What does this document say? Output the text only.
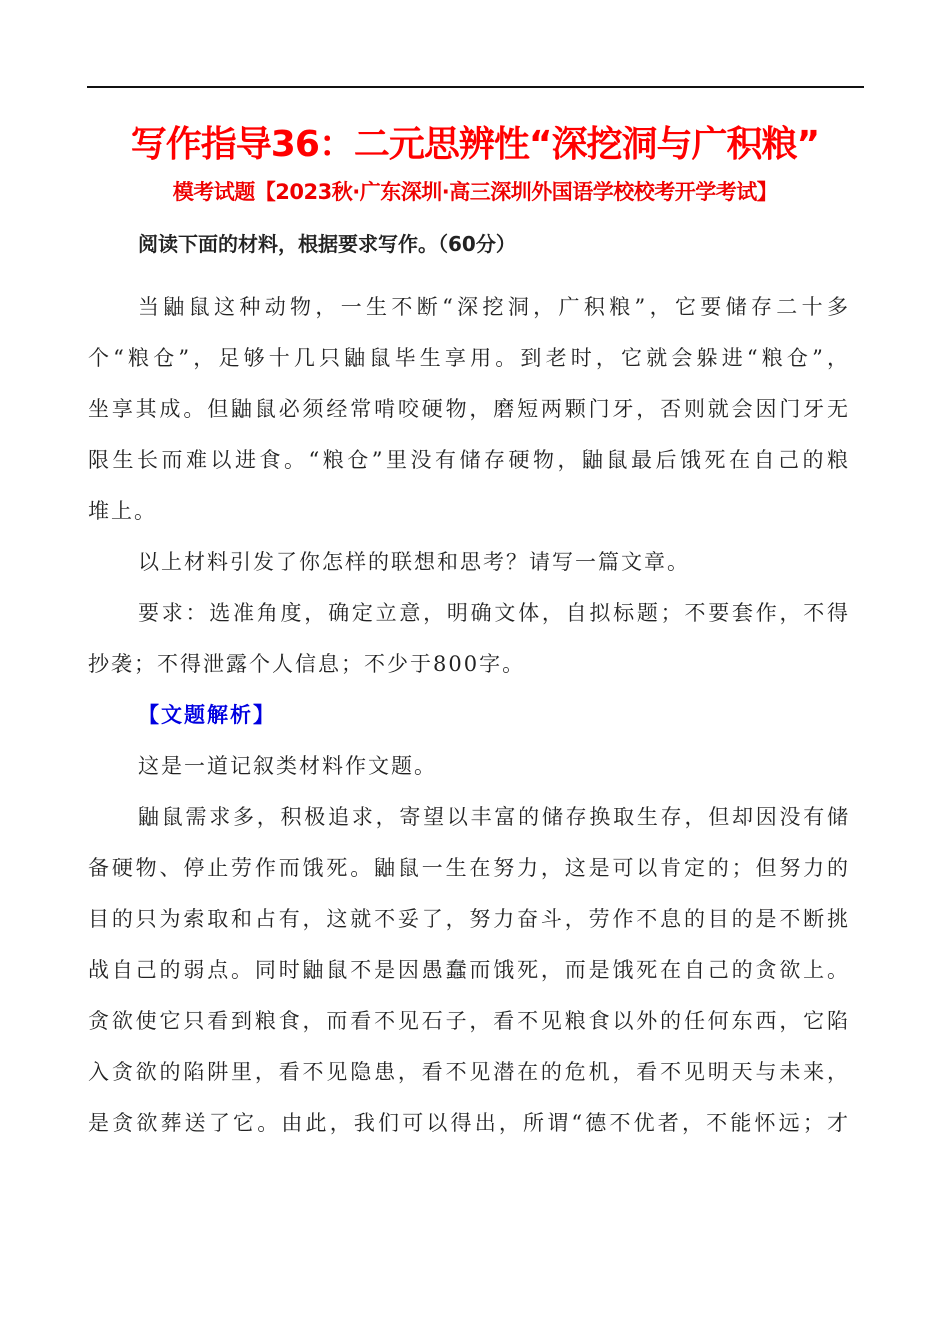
写作指导36：二元思辨性“深挖洞与广积粮”
模考试题【2023秋·广东深圳·高三深圳外国语学校校考开学考试】
阅读下面的材料，根据要求写作。（60分）
当鼬鼠这种动物，一生不断“深挖洞，广积粮”，它要储存二十多
个“粮仓”，足够十几只鼬鼠毕生享用。到老时，它就会躲进“粮仓”，
坐享其成。但鼬鼠必须经常啃咬硬物，磨短两颗门牙，否则就会因门牙无
限生长而难以进食。“粮仓”里没有储存硬物，鼬鼠最后饿死在自己的粮
堆上。
以上材料引发了你怎样的联想和思考？请写一篇文章。
要求：选准角度，确定立意，明确文体，自拟标题；不要套作，不得
抄袭；不得泄露个人信息；不少于800字。
【文题解析】
这是一道记叙类材料作文题。
鼬鼠需求多，积极追求，寄望以丰富的储存换取生存，但却因没有储
备硬物、停止劳作而饿死。鼬鼠一生在努力，这是可以肯定的；但努力的
目的只为索取和占有，这就不妥了，努力奋斗，劳作不息的目的是不断挑
战自己的弱点。同时鼬鼠不是因愚蠢而饿死，而是饿死在自己的贪欲上。
贪欲使它只看到粮食，而看不见石子，看不见粮食以外的任何东西，它陷
入贪欲的陷阱里，看不见隐患，看不见潜在的危机，看不见明天与未来，
是贪欲葬送了它。由此，我们可以得出，所谓“德不优者，不能怀远；才
